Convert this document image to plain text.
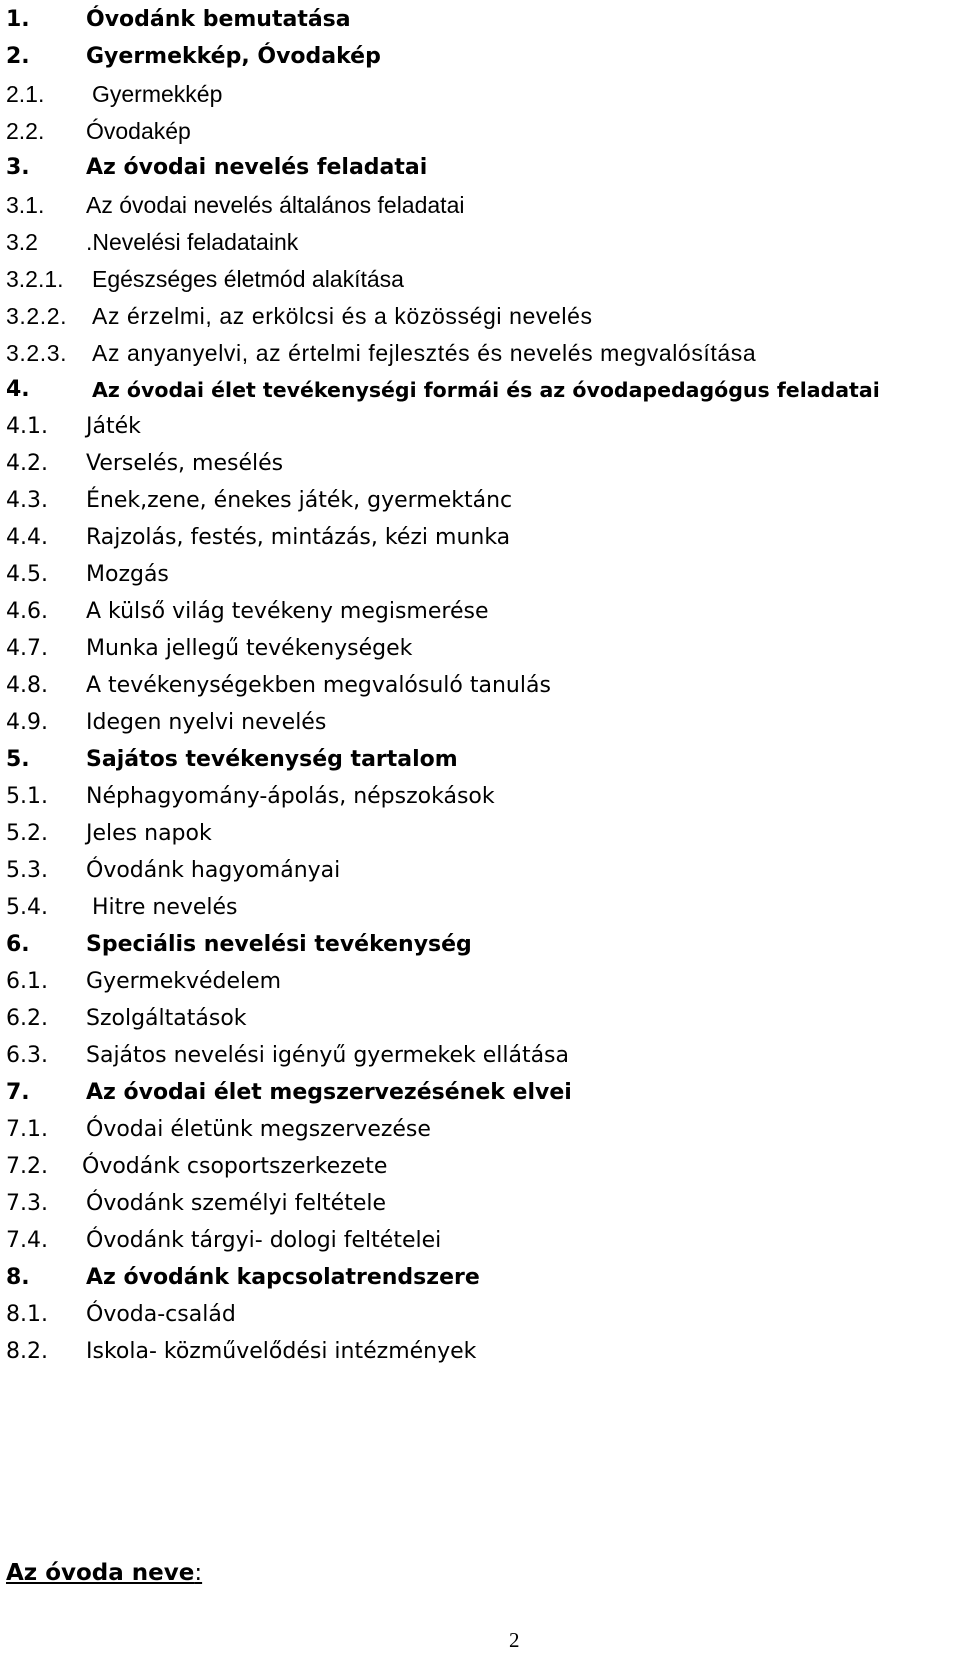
1.	Óvodánk bemutatása
2.	Gyermekkép, Óvodakép
2.1. Gyermekkép
2.2. Óvodakép
3.	Az óvodai nevelés feladatai
3.1. Az óvodai nevelés általános feladatai
3.2 .Nevelési feladataink
3.2.1. Egészséges életmód alakítása
3.2.2. Az érzelmi, az erkölcsi és a közösségi nevelés
3.2.3. Az anyanyelvi, az értelmi fejlesztés és nevelés megvalósítása
4.	Az óvodai élet tevékenységi formái és az óvodapedagógus feladatai
4.1. Játék
4.2. Verselés, mesélés
4.3. Ének,zene, énekes játék, gyermektánc
4.4. Rajzolás, festés, mintázás, kézi munka
4.5. Mozgás
4.6. A külső világ tevékeny megismerése
4.7. Munka jellegű tevékenységek
4.8. A tevékenységekben megvalósuló tanulás
4.9. Idegen nyelvi nevelés
5.	Sajátos tevékenység tartalom
5.1. Néphagyomány-ápolás, népszokások
5.2. Jeles napok
5.3. Óvodánk hagyományai
5.4. Hitre nevelés
6.	Speciális nevelési tevékenység
6.1. Gyermekvédelem
6.2. Szolgáltatások
6.3. Sajátos nevelési igényű gyermekek ellátása
7.	Az óvodai élet megszervezésének elvei
7.1. Óvodai életünk megszervezése
7.2. Óvodánk csoportszerkezete
7.3. Óvodánk személyi feltétele
7.4. Óvodánk tárgyi- dologi feltételei
8.	Az óvodánk kapcsolatrendszere
8.1. Óvoda-család
8.2. Iskola- közművelődési intézmények
Az óvoda neve:
2
